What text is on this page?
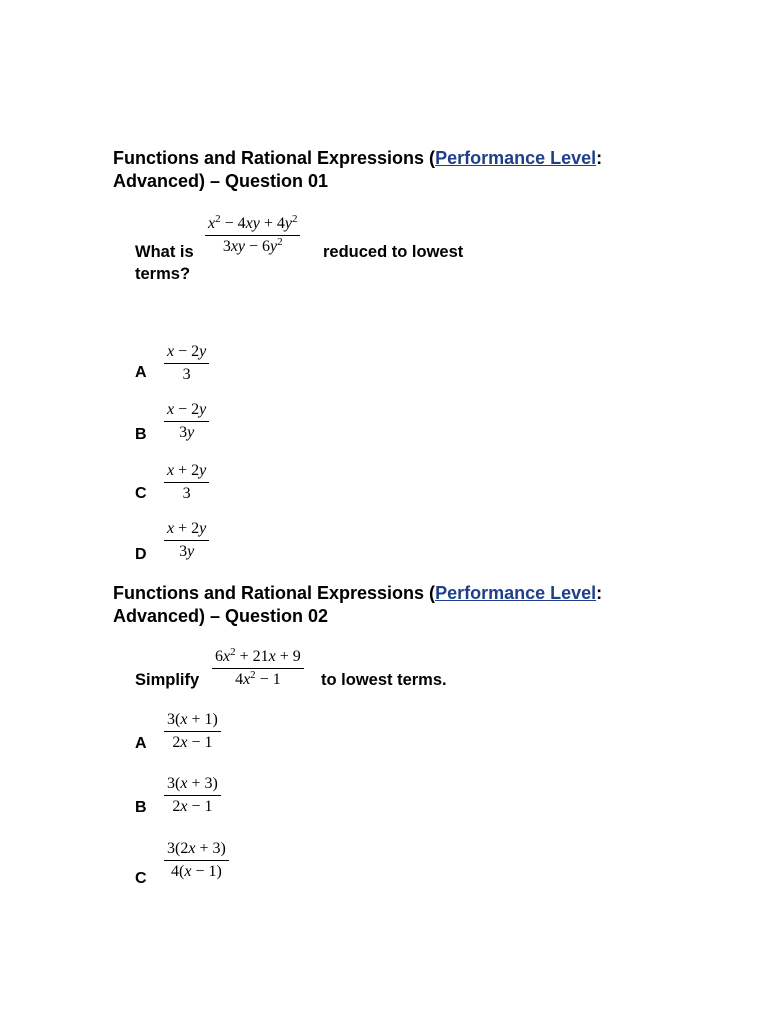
Functions and Rational Expressions (Performance Level:
Advanced) – Question 01
What is
$x^2 - 4xy + 4y^2$
$3xy - 6y^2$
reduced to lowest
terms?
A
x − 2y
3
B
x − 2y
3y
C
x + 2y
3
D
x + 2y
3y
Functions and Rational Expressions (Performance Level:
Advanced) – Question 02
Simplify
$6x^2 + 21x + 9$
$4x^2 - 1$ to lowest terms.
A
3(x + 1)
2x − 1
B
3(x + 3)
2x − 1
C
3(2x + 3)
4(x − 1)
